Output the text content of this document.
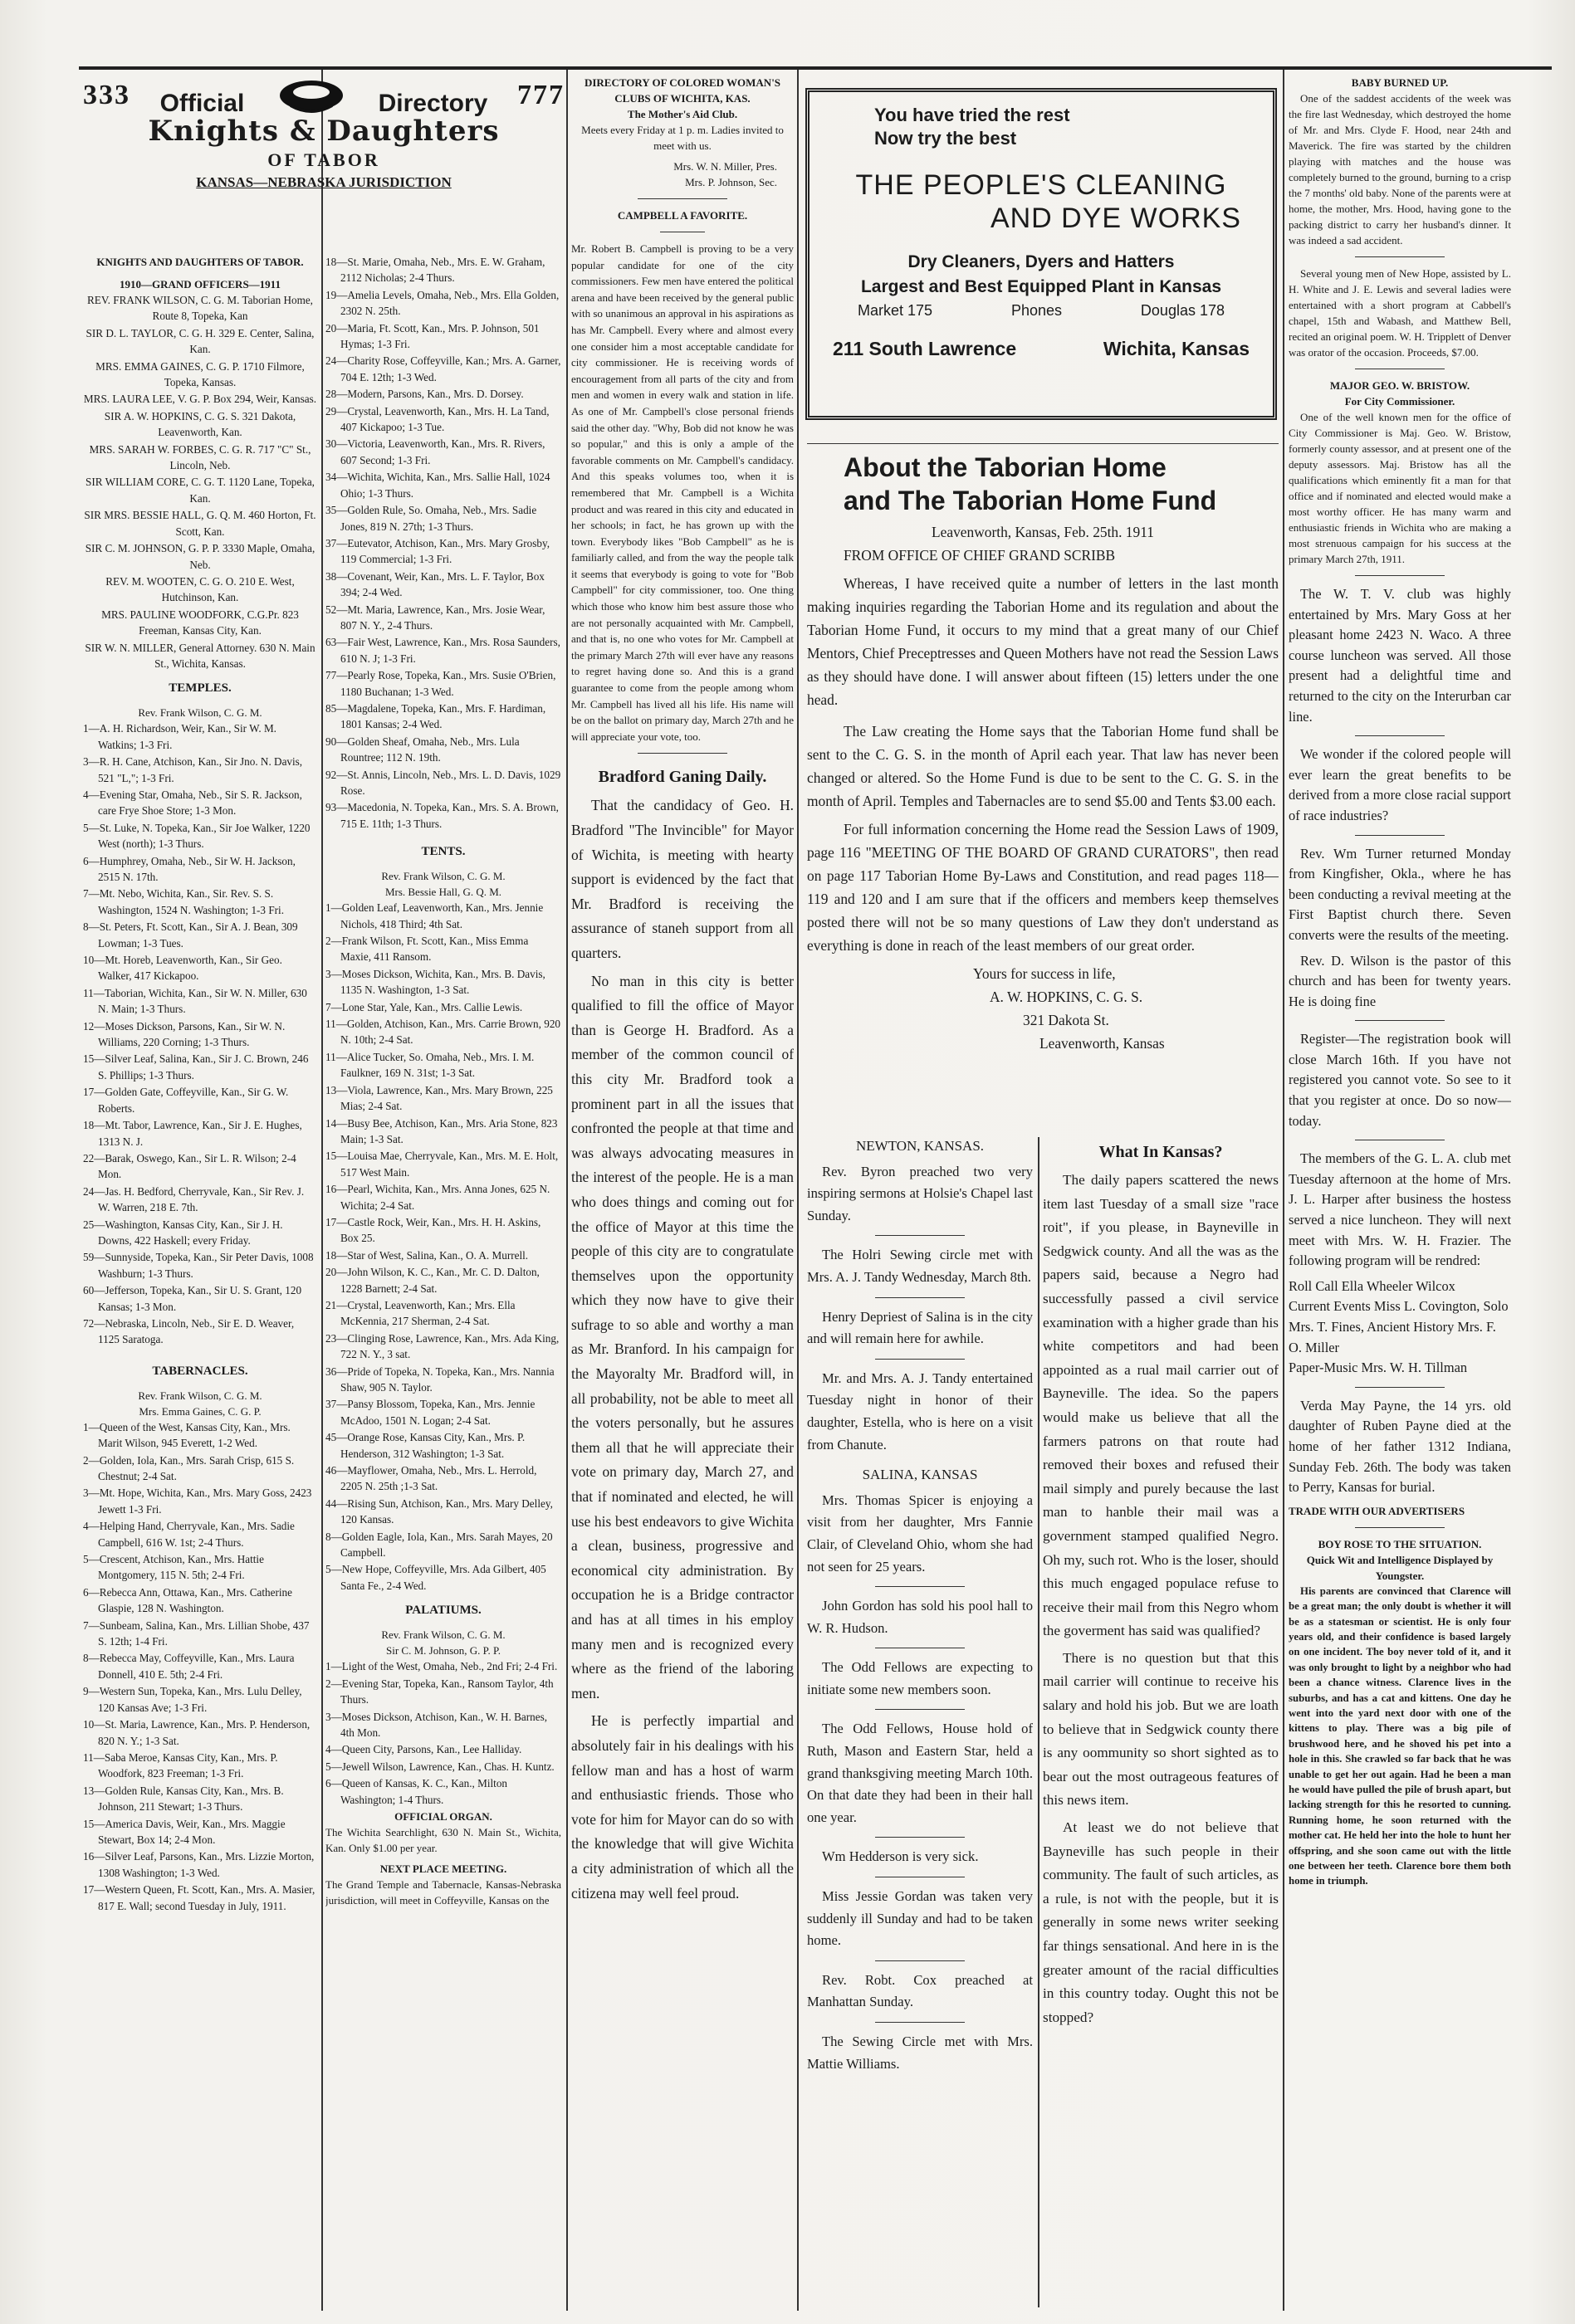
333 Official	Directory 777
Knights & Daughters
OF TABOR
KANSAS—NEBRASKA JURISDICTION
KNIGHTS AND DAUGHTERS OF TABOR.
1910—GRAND OFFICERS—1911
REV. FRANK WILSON, C. G. M. Taborian Home, Route 8, Topeka, Kan
SIR D. L. TAYLOR, C. G. H. 329 E. Center, Salina, Kan.
MRS. EMMA GAINES, C. G. P. 1710 Filmore, Topeka, Kansas.
MRS. LAURA LEE, V. G. P. Box 294, Weir, Kansas.
SIR A. W. HOPKINS, C. G. S. 321 Dakota, Leavenworth, Kan.
MRS. SARAH W. FORBES, C. G. R. 717 "C" St., Lincoln, Neb.
SIR WILLIAM CORE, C. G. T. 1120 Lane, Topeka, Kan.
SIR MRS. BESSIE HALL, G. Q. M. 460 Horton, Ft. Scott, Kan.
SIR C. M. JOHNSON, G. P. P. 3330 Maple, Omaha, Neb.
REV. M. WOOTEN, C. G. O. 210 E. West, Hutchinson, Kan.
MRS. PAULINE WOODFORK, C.G.Pr. 823 Freeman, Kansas City, Kan.
SIR W. N. MILLER, General Attorney. 630 N. Main St., Wichita, Kansas.
TEMPLES.
Rev. Frank Wilson, C. G. M.
1—A. H. Richardson, Weir, Kan., Sir W. M. Watkins; 1-3 Fri.
3—R. H. Cane, Atchison, Kan., Sir Jno. N. Davis, 521 "L,"; 1-3 Fri.
4—Evening Star, Omaha, Neb., Sir S. R. Jackson, care Frye Shoe Store; 1-3 Mon.
5—St. Luke, N. Topeka, Kan., Sir Joe Walker, 1220 West (north); 1-3 Thurs.
6—Humphrey, Omaha, Neb., Sir W. H. Jackson, 2515 N. 17th.
7—Mt. Nebo, Wichita, Kan., Sir. Rev. S. S. Washington, 1524 N. Washington; 1-3 Fri.
8—St. Peters, Ft. Scott, Kan., Sir A. J. Bean, 309 Lowman; 1-3 Tues.
10—Mt. Horeb, Leavenworth, Kan., Sir Geo. Walker, 417 Kickapoo.
11—Taborian, Wichita, Kan., Sir W. N. Miller, 630 N. Main; 1-3 Thurs.
12—Moses Dickson, Parsons, Kan., Sir W. N. Williams, 220 Corning; 1-3 Thurs.
15—Silver Leaf, Salina, Kan., Sir J. C. Brown, 246 S. Phillips; 1-3 Thurs.
17—Golden Gate, Coffeyville, Kan., Sir G. W. Roberts.
18—Mt. Tabor, Lawrence, Kan., Sir J. E. Hughes, 1313 N. J.
22—Barak, Oswego, Kan., Sir L. R. Wilson; 2-4 Mon.
24—Jas. H. Bedford, Cherryvale, Kan., Sir Rev. J. W. Warren, 218 E. 7th.
25—Washington, Kansas City, Kan., Sir J. H. Downs, 422 Haskell; every Friday.
59—Sunnyside, Topeka, Kan., Sir Peter Davis, 1008 Washburn; 1-3 Thurs.
60—Jefferson, Topeka, Kan., Sir U. S. Grant, 120 Kansas; 1-3 Mon.
72—Nebraska, Lincoln, Neb., Sir E. D. Weaver, 1125 Saratoga.
TABERNACLES.
Rev. Frank Wilson, C. G. M.
Mrs. Emma Gaines, C. G. P.
1—Queen of the West, Kansas City, Kan., Mrs. Marit Wilson, 945 Everett, 1-2 Wed.
2—Golden, Iola, Kan., Mrs. Sarah Crisp, 615 S. Chestnut; 2-4 Sat.
3—Mt. Hope, Wichita, Kan., Mrs. Mary Goss, 2423 Jewett 1-3 Fri.
4—Helping Hand, Cherryvale, Kan., Mrs. Sadie Campbell, 616 W. 1st; 2-4 Thurs.
5—Crescent, Atchison, Kan., Mrs. Hattie Montgomery, 115 N. 5th; 2-4 Fri.
6—Rebecca Ann, Ottawa, Kan., Mrs. Catherine Glaspie, 128 N. Washington.
7—Sunbeam, Salina, Kan., Mrs. Lillian Shobe, 437 S. 12th; 1-4 Fri.
8—Rebecca May, Coffeyville, Kan., Mrs. Laura Donnell, 410 E. 5th; 2-4 Fri.
9—Western Sun, Topeka, Kan., Mrs. Lulu Delley, 120 Kansas Ave; 1-3 Fri.
10—St. Maria, Lawrence, Kan., Mrs. P. Henderson, 820 N. Y.; 1-3 Sat.
11—Saba Meroe, Kansas City, Kan., Mrs. P. Woodfork, 823 Freeman; 1-3 Fri.
13—Golden Rule, Kansas City, Kan., Mrs. B. Johnson, 211 Stewart; 1-3 Thurs.
15—America Davis, Weir, Kan., Mrs. Maggie Stewart, Box 14; 2-4 Mon.
16—Silver Leaf, Parsons, Kan., Mrs. Lizzie Morton, 1308 Washington; 1-3 Wed.
17—Western Queen, Ft. Scott, Kan., Mrs. A. Masier, 817 E. Wall; second Tuesday in July, 1911.
18—St. Marie, Omaha, Neb., Mrs. E. W. Graham, 2112 Nicholas; 2-4 Thurs.
19—Amelia Levels, Omaha, Neb., Mrs. Ella Golden, 2302 N. 25th.
20—Maria, Ft. Scott, Kan., Mrs. P. Johnson, 501 Hymas; 1-3 Fri.
24—Charity Rose, Coffeyville, Kan.; Mrs. A. Garner, 704 E. 12th; 1-3 Wed.
28—Modern, Parsons, Kan., Mrs. D. Dorsey.
29—Crystal, Leavenworth, Kan., Mrs. H. La Tand, 407 Kickapoo; 1-3 Tue.
30—Victoria, Leavenworth, Kan., Mrs. R. Rivers, 607 Second; 1-3 Fri.
34—Wichita, Wichita, Kan., Mrs. Sallie Hall, 1024 Ohio; 1-3 Thurs.
35—Golden Rule, So. Omaha, Neb., Mrs. Sadie Jones, 819 N. 27th; 1-3 Thurs.
37—Eutevator, Atchison, Kan., Mrs. Mary Grosby, 119 Commercial; 1-3 Fri.
38—Covenant, Weir, Kan., Mrs. L. F. Taylor, Box 394; 2-4 Wed.
52—Mt. Maria, Lawrence, Kan., Mrs. Josie Wear, 807 N. Y., 2-4 Thurs.
63—Fair West, Lawrence, Kan., Mrs. Rosa Saunders, 610 N. J; 1-3 Fri.
77—Pearly Rose, Topeka, Kan., Mrs. Susie O'Brien, 1180 Buchanan; 1-3 Wed.
85—Magdalene, Topeka, Kan., Mrs. F. Hardiman, 1801 Kansas; 2-4 Wed.
90—Golden Sheaf, Omaha, Neb., Mrs. Lula Rountree; 112 N. 19th.
92—St. Annis, Lincoln, Neb., Mrs. L. D. Davis, 1029 Rose.
93—Macedonia, N. Topeka, Kan., Mrs. S. A. Brown, 715 E. 11th; 1-3 Thurs.
TENTS.
Rev. Frank Wilson, C. G. M.
Mrs. Bessie Hall, G. Q. M.
1—Golden Leaf, Leavenworth, Kan., Mrs. Jennie Nichols, 418 Third; 4th Sat.
2—Frank Wilson, Ft. Scott, Kan., Miss Emma Maxie, 411 Ransom.
3—Moses Dickson, Wichita, Kan., Mrs. B. Davis, 1135 N. Washington, 1-3 Sat.
7—Lone Star, Yale, Kan., Mrs. Callie Lewis.
11—Golden, Atchison, Kan., Mrs. Carrie Brown, 920 N. 10th; 2-4 Sat.
11—Alice Tucker, So. Omaha, Neb., Mrs. I. M. Faulkner, 169 N. 31st; 1-3 Sat.
13—Viola, Lawrence, Kan., Mrs. Mary Brown, 225 Mias; 2-4 Sat.
14—Busy Bee, Atchison, Kan., Mrs. Aria Stone, 823 Main; 1-3 Sat.
15—Louisa Mae, Cherryvale, Kan., Mrs. M. E. Holt, 517 West Main.
16—Pearl, Wichita, Kan., Mrs. Anna Jones, 625 N. Wichita; 2-4 Sat.
17—Castle Rock, Weir, Kan., Mrs. H. H. Askins, Box 25.
18—Star of West, Salina, Kan., O. A. Murrell.
20—John Wilson, K. C., Kan., Mr. C. D. Dalton, 1228 Barnett; 2-4 Sat.
21—Crystal, Leavenworth, Kan.; Mrs. Ella McKennia, 217 Sherman, 2-4 Sat.
23—Clinging Rose, Lawrence, Kan., Mrs. Ada King, 722 N. Y., 3 sat.
36—Pride of Topeka, N. Topeka, Kan., Mrs. Nannia Shaw, 905 N. Taylor.
37—Pansy Blossom, Topeka, Kan., Mrs. Jennie McAdoo, 1501 N. Logan; 2-4 Sat.
45—Orange Rose, Kansas City, Kan., Mrs. P. Henderson, 312 Washington; 1-3 Sat.
46—Mayflower, Omaha, Neb., Mrs. L. Herrold, 2205 N. 25th ;1-3 Sat.
44—Rising Sun, Atchison, Kan., Mrs. Mary Delley, 120 Kansas.
8—Golden Eagle, Iola, Kan., Mrs. Sarah Mayes, 20 Campbell.
5—New Hope, Coffeyville, Mrs. Ada Gilbert, 405 Santa Fe., 2-4 Wed.
PALATIUMS.
Rev. Frank Wilson, C. G. M.
Sir C. M. Johnson, G. P. P.
1—Light of the West, Omaha, Neb., 2nd Fri; 2-4 Fri.
2—Evening Star, Topeka, Kan., Ransom Taylor, 4th Thurs.
3—Moses Dickson, Atchison, Kan., W. H. Barnes, 4th Mon.
4—Queen City, Parsons, Kan., Lee Halliday.
5—Jewell Wilson, Lawrence, Kan., Chas. H. Kuntz.
6—Queen of Kansas, K. C., Kan., Milton Washington; 1-4 Thurs.
OFFICIAL ORGAN.

The Wichita Searchlight, 630 N. Main St., Wichita, Kan. Only $1.00 per year.

NEXT PLACE MEETING.

The Grand Temple and Tabernacle, Kansas-Nebraska jurisdiction, will meet in Coffeyville, Kansas on the

DIRECTORY OF COLORED WOMAN'S CLUBS OF WICHITA, KAS.
The Mother's Aid Club.

Meets every Friday at 1 p. m. Ladies invited to meet with us.

Mrs. W. N. Miller, Pres.
Mrs. P. Johnson, Sec.
CAMPBELL A FAVORITE.

Mr. Robert B. Campbell is proving to be a very popular candidate for one of the city commissioners. Few men have entered the political arena and have been received by the general public with so unanimous an approval in his aspirations as has Mr. Campbell. Every where and almost every one consider him a most acceptable candidate for city commissioner. He is receiving words of encouragement from all parts of the city and from men and women in every walk and station in life. As one of Mr. Campbell's close personal friends said the other day. "Why, Bob did not know he was so popular," and this is only a ample of the favorable comments on Mr. Campbell's candidacy. And this speaks volumes too, when it is remembered that Mr. Campbell is a Wichita product and was reared in this city and educated in her schools; in fact, he has grown up with the town. Everybody likes "Bob Campbell" as he is familiarly called, and from the way the people talk it seems that everybody is going to vote for "Bob Campbell" for city commissioner, too. One thing which those who know him best assure those who are not personally acquainted with Mr. Campbell, and that is, no one who votes for Mr. Campbell at the primary March 27th will ever have any reasons to regret having done so. And this is a grand guarantee to come from the people among whom Mr. Campbell has lived all his life. His name will be on the ballot on primary day, March 27th and he will appreciate your vote, too.

Bradford Ganing Daily.
That the candidacy of Geo. H. Bradford "The Invincible" for Mayor of Wichita, is meeting with hearty support is evidenced by the fact that Mr. Bradford is receiving the assurance of staneh support from all quarters.
No man in this city is better qualified to fill the office of Mayor than is George H. Bradford. As a member of the common council of this city Mr. Bradford took a prominent part in all the issues that confronted the people at that time and was always advocating measures in the interest of the people. He is a man who does things and coming out for the office of Mayor at this time the people of this city are to congratulate themselves upon the opportunity which they now have to give their sufrage to so able and worthy a man as Mr. Branford. In his campaign for the Mayoralty Mr. Bradford will, in all probability, not be able to meet all the voters personally, but he assures them all that he will appreciate their vote on primary day, March 27, and that if nominated and elected, he will use his best endeavors to give Wichita a clean, business, progressive and economical city administration. By occupation he is a Bridge contractor and has at all times in his employ many men and is recognized every where as the friend of the laboring men.
He is perfectly impartial and absolutely fair in his dealings with his fellow man and has a host of warm and enthusiastic friends. Those who vote for him for Mayor can do so with the knowledge that will give Wichita a city administration of which all the citizena may well feel proud.
You have tried the rest
Now try the best
THE PEOPLE'S CLEANING
AND DYE WORKS
Dry Cleaners, Dyers and Hatters
Largest and Best Equipped Plant in Kansas
Market 175	Phones	Douglas 178
211 South Lawrence	Wichita, Kansas
About the Taborian Home
and The Taborian Home Fund
Leavenworth, Kansas, Feb. 25th. 1911
FROM OFFICE OF CHIEF GRAND SCRIBB

Whereas, I have received quite a number of letters in the last month making inquiries regarding the Taborian Home and its regulation and about the Taborian Home Fund, it occurs to my mind that a great many of our Chief Mentors, Chief Preceptresses and Queen Mothers have not read the Session Laws as they should have done. I will answer about fifteen (15) letters under the one head.

The Law creating the Home says that the Taborian Home fund shall be sent to the C. G. S. in the month of April each year. That law has never been changed or altered. So the Home Fund is due to be sent to the C. G. S. in the month of April. Temples and Tabernacles are to send $5.00 and Tents $3.00 each.

For full information concerning the Home read the Session Laws of 1909, page 116 "MEETING OF THE BOARD OF GRAND CURATORS", then read on page 117 Taborian Home By-Laws and Constitution, and read pages 118—119 and 120 and I am sure that if the officers and members keep themselves posted there will not be so many questions of Law they don't understand as everything is done in reach of the least members of our great order.

Yours for success in life,
A. W. HOPKINS, C. G. S.
321 Dakota St.
Leavenworth, Kansas
NEWTON, KANSAS.

Rev. Byron preached two very inspiring sermons at Holsie's Chapel last Sunday.

The Holri Sewing circle met with Mrs. A. J. Tandy Wednesday, March 8th.

Henry Depriest of Salina is in the city and will remain here for awhile.

Mr. and Mrs. A. J. Tandy entertained Tuesday night in honor of their daughter, Estella, who is here on a visit from Chanute.

SALINA, KANSAS

Mrs. Thomas Spicer is enjoying a visit from her daughter, Mrs Fannie Clair, of Cleveland Ohio, whom she had not seen for 25 years.

John Gordon has sold his pool hall to W. R. Hudson.

The Odd Fellows are expecting to initiate some new members soon.

The Odd Fellows, House hold of Ruth, Mason and Eastern Star, held a grand thanksgiving meeting March 10th. On that date they had been in their hall one year.

Wm Hedderson is very sick.

Miss Jessie Gordan was taken very suddenly ill Sunday and had to be taken home.

Rev. Robt. Cox preached at Manhattan Sunday.

The Sewing Circle met with Mrs. Mattie Williams.

What In Kansas?
The daily papers scattered the news item last Tuesday of a small size "race roit", if you please, in Bayneville in Sedgwick county. And all the was as the papers said, because a Negro had successfully passed a civil service examination with a higher grade than his white competitors and had been appointed as a rual mail carrier out of Bayneville. The idea. So the papers would make us believe that all the farmers patrons on that route had removed their boxes and refused their mail simply and purely because the last man to hanble their mail was a government stamped qualified Negro. Oh my, such rot. Who is the loser, should this much engaged populace refuse to receive their mail from this Negro whom the goverment has said was qualified?
There is no question but that this mail carrier will continue to receive his salary and hold his job. But we are loath to believe that in Sedgwick county there is any oommunity so short sighted as to bear out the most outrageous features of this news item.
At least we do not believe that Bayneville has such people in their community. The fault of such articles, as a rule, is not with the people, but it is generally in some news writer seeking far things sensational. And here in is the greater amount of the racial difficulties in this country today. Ought this not be stopped?
BABY BURNED UP.

One of the saddest accidents of the week was the fire last Wednesday, which destroyed the home of Mr. and Mrs. Clyde F. Hood, near 24th and Maverick. The fire was started by the children playing with matches and the house was completely burned to the ground, burning to a crisp the 7 months' old baby. None of the parents were at home, the mother, Mrs. Hood, having gone to the packing district to carry her husband's dinner. It was indeed a sad accident.

Several young men of New Hope, assisted by L. H. White and J. E. Lewis and several ladies were entertained with a short program at Cabbell's chapel, 15th and Wabash, and Matthew Bell, recited an original poem. W. H. Tripplett of Denver was orator of the occasion. Proceeds, $7.00.

MAJOR GEO. W. BRISTOW.
For City Commissioner.

One of the well known men for the office of City Commissioner is Maj. Geo. W. Bristow, formerly county assessor, and at present one of the deputy assessors. Maj. Bristow has all the qualifications which eminently fit a man for that office and if nominated and elected would make a most worthy officer. He has many warm and enthusiastic friends in Wichita who are making a most strenuous campaign for his success at the primary March 27th, 1911.

The W. T. V. club was highly entertained by Mrs. Mary Goss at her pleasant home 2423 N. Waco. A three course luncheon was served. All those present had a delightful time and returned to the city on the Interurban car line.

We wonder if the colored people will ever learn the great benefits to be derived from a more close racial support of race industries?

Rev. Wm Turner returned Monday from Kingfisher, Okla., where he has been conducting a revival meeting at the First Baptist church there. Seven converts were the results of the meeting.

Rev. D. Wilson is the pastor of this church and has been for twenty years. He is doing fine

Register—The registration book will close March 16th. If you have not registered you cannot vote. So see to it that you register at once. Do so now—today.

The members of the G. L. A. club met Tuesday afternoon at the home of Mrs. J. L. Harper after business the hostess served a nice luncheon. They will next meet with Mrs. W. H. Frazier. The following program will be rendred:

Roll Call Ella Wheeler Wilcox
Current Events Miss L. Covington, Solo Mrs. T. Fines, Ancient History Mrs. F. O. Miller
Paper-Music Mrs. W. H. Tillman

Verda May Payne, the 14 yrs. old daughter of Ruben Payne died at the home of her father 1312 Indiana, Sunday Feb. 26th. The body was taken to Perry, Kansas for burial.

TRADE WITH OUR ADVERTISERS
BOY ROSE TO THE SITUATION.
Quick Wit and Intelligence Displayed by Youngster.

His parents are convinced that Clarence will be a great man; the only doubt is whether it will be as a statesman or scientist. He is only four years old, and their confidence is based largely on one incident. The boy never told of it, and it was only brought to light by a neighbor who had been a chance witness. Clarence lives in the suburbs, and has a cat and kittens. One day he went into the yard next door with one of the kittens to play. There was a big pile of brushwood here, and he shoved his pet into a hole in this. She crawled so far back that he was unable to get her out again. Had he been a man he would have pulled the pile of brush apart, but lacking strength for this he resorted to cunning. Running home, he soon returned with the mother cat. He held her into the hole to hunt her offspring, and she soon came out with the little one between her teeth. Clarence bore them both home in triumph.
